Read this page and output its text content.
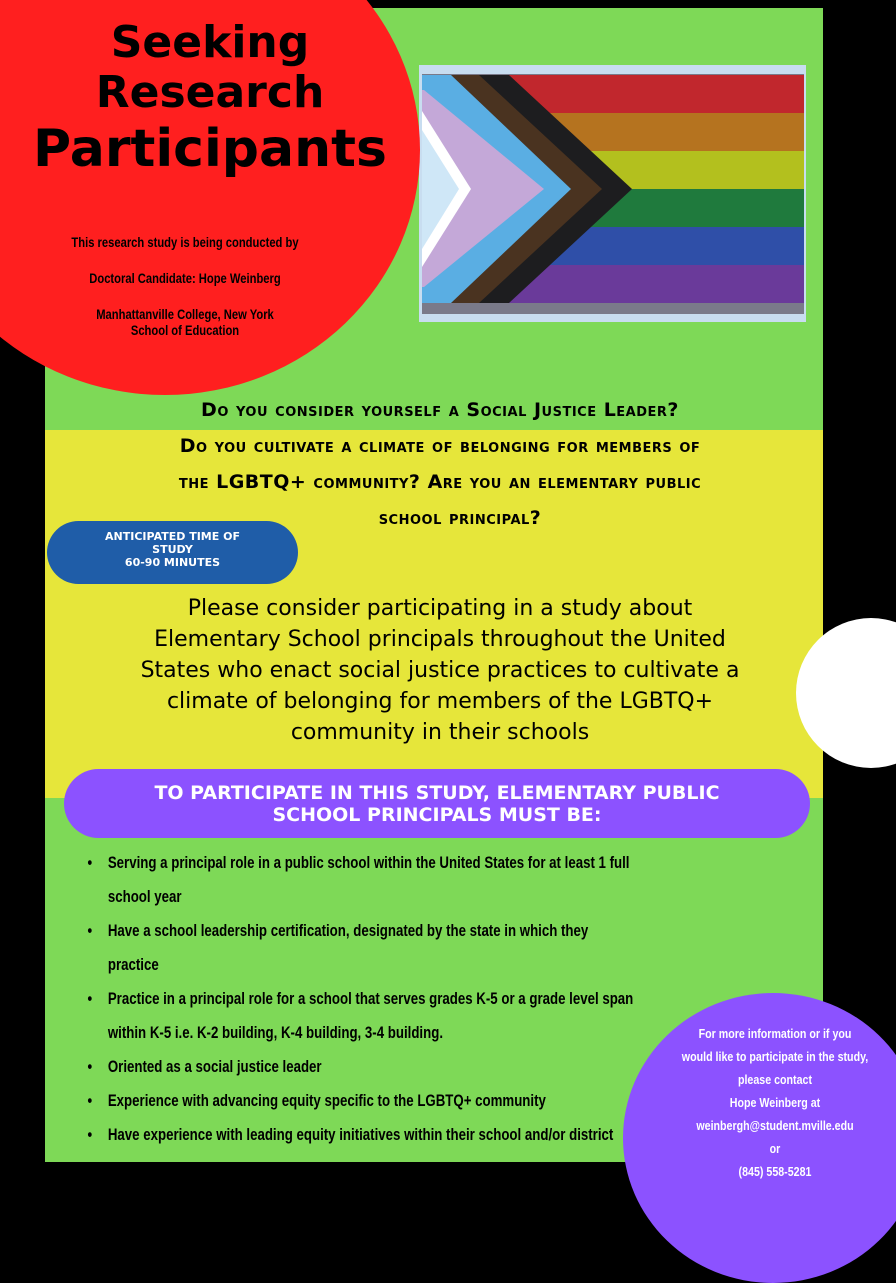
Seeking
Research
Participants
This research study is being conducted by
Doctoral Candidate: Hope Weinberg
Manhattanville College, New York
School of Education
Do you consider yourself a Social Justice Leader?
Do you cultivate a climate of belonging for members of
the LGBTQ+ community? Are you an elementary public
school principal?
ANTICIPATED TIME OF
STUDY
60-90 MINUTES
Please consider participating in a study about
Elementary School principals throughout the United
States who enact social justice practices to cultivate a
climate of belonging for members of the LGBTQ+
community in their schools
TO PARTICIPATE IN THIS STUDY, ELEMENTARY PUBLIC
SCHOOL PRINCIPALS MUST BE:
• Serving a principal role in a public school within the United States for at least 1 full
school year
• Have a school leadership certification, designated by the state in which they
practice
• Practice in a principal role for a school that serves grades K-5 or a grade level span
within K-5 i.e. K-2 building, K-4 building, 3-4 building.
• Oriented as a social justice leader
• Experience with advancing equity specific to the LGBTQ+ community
• Have experience with leading equity initiatives within their school and/or district
For more information or if you
would like to participate in the study,
please contact
Hope Weinberg at
weinbergh@student.mville.edu
or
(845) 558-5281
